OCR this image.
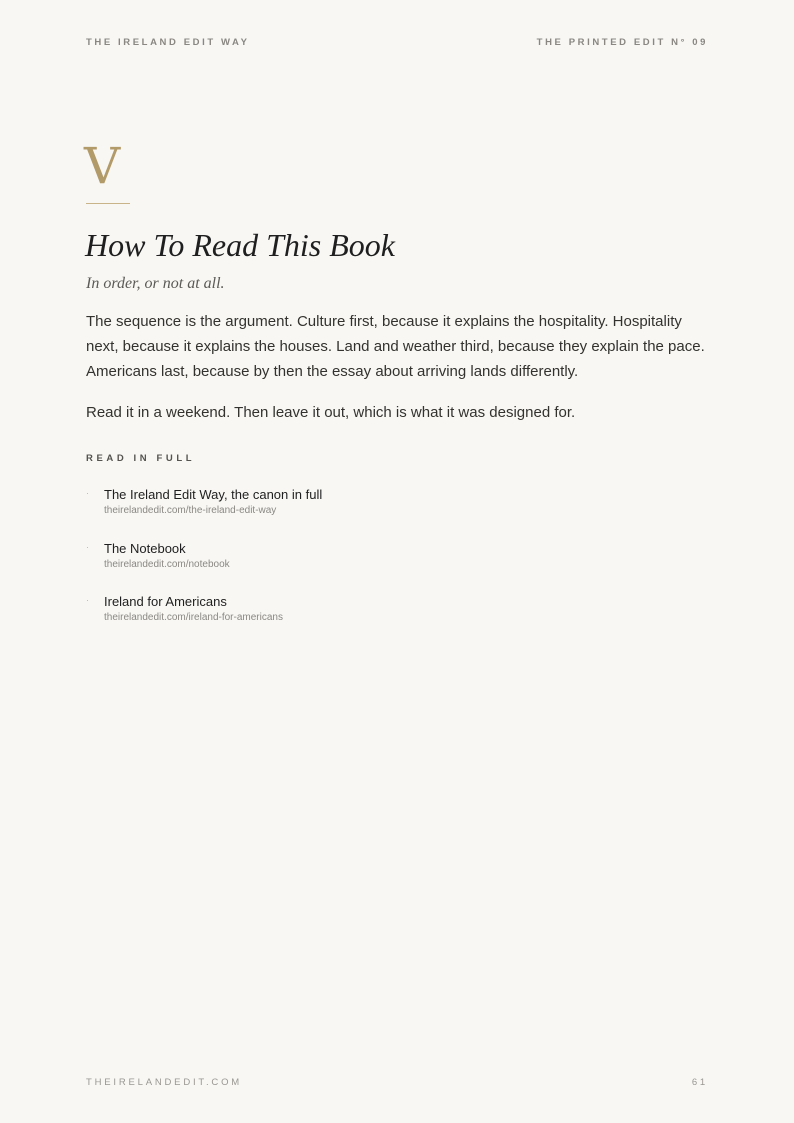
THE IRELAND EDIT WAY	THE PRINTED EDIT N° 09
V
How To Read This Book

In order, or not at all.

The sequence is the argument. Culture first, because it explains the hospitality. Hospitality next, because it explains the houses. Land and weather third, because they explain the pace. Americans last, because by then the essay about arriving lands differently.

Read it in a weekend. Then leave it out, which is what it was designed for.

READ IN FULL
· The Ireland Edit Way, the canon in full
theirelandedit.com/the-ireland-edit-way
· The Notebook
theirelandedit.com/notebook
· Ireland for Americans
theirelandedit.com/ireland-for-americans
THEIRELANDEDIT.COM	61
